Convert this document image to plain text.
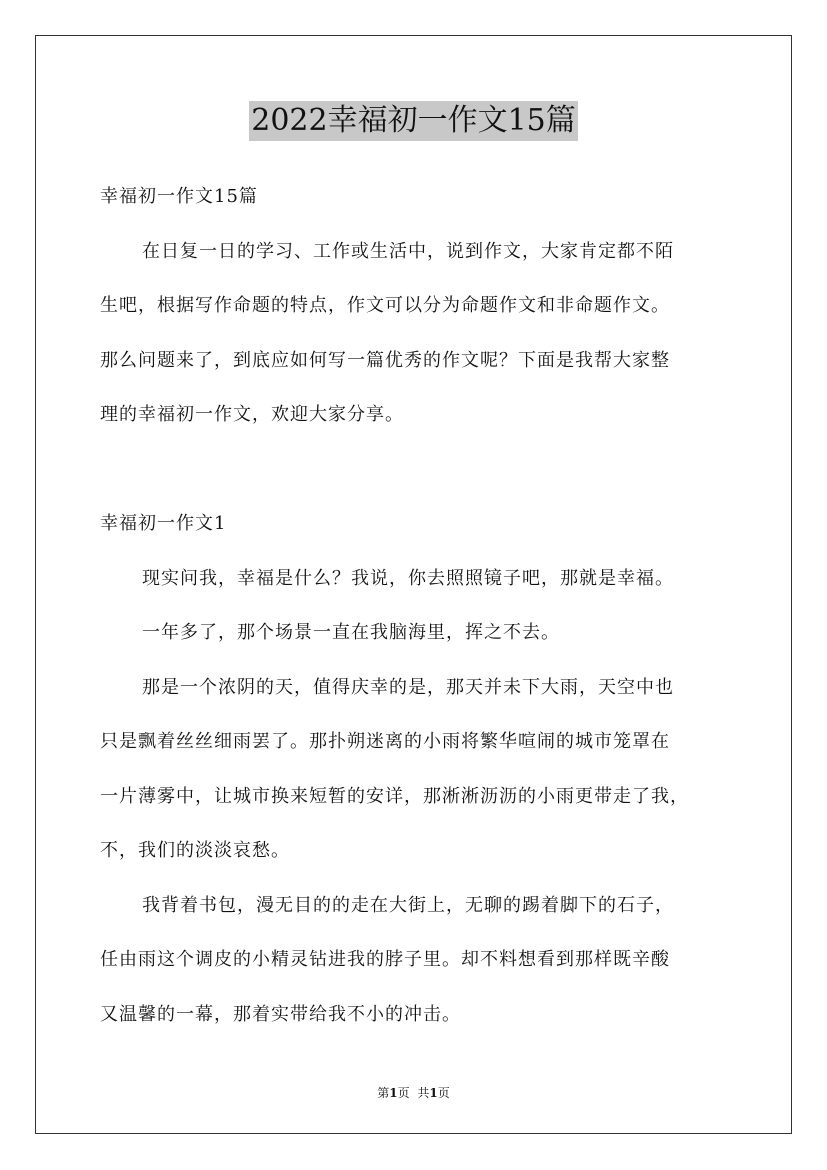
2022幸福初一作文15篇
幸福初一作文15篇
在日复一日的学习、工作或生活中，说到作文，大家肯定都不陌
生吧，根据写作命题的特点，作文可以分为命题作文和非命题作文。
那么问题来了，到底应如何写一篇优秀的作文呢？下面是我帮大家整
理的幸福初一作文，欢迎大家分享。
幸福初一作文1
现实问我，幸福是什么？我说，你去照照镜子吧，那就是幸福。
一年多了，那个场景一直在我脑海里，挥之不去。
那是一个浓阴的天，值得庆幸的是，那天并未下大雨，天空中也
只是飘着丝丝细雨罢了。那扑朔迷离的小雨将繁华喧闹的城市笼罩在
一片薄雾中，让城市换来短暂的安详，那淅淅沥沥的小雨更带走了我，
不，我们的淡淡哀愁。
我背着书包，漫无目的的走在大街上，无聊的踢着脚下的石子，
任由雨这个调皮的小精灵钻进我的脖子里。却不料想看到那样既辛酸
又温馨的一幕，那着实带给我不小的冲击。
第1页 共1页
